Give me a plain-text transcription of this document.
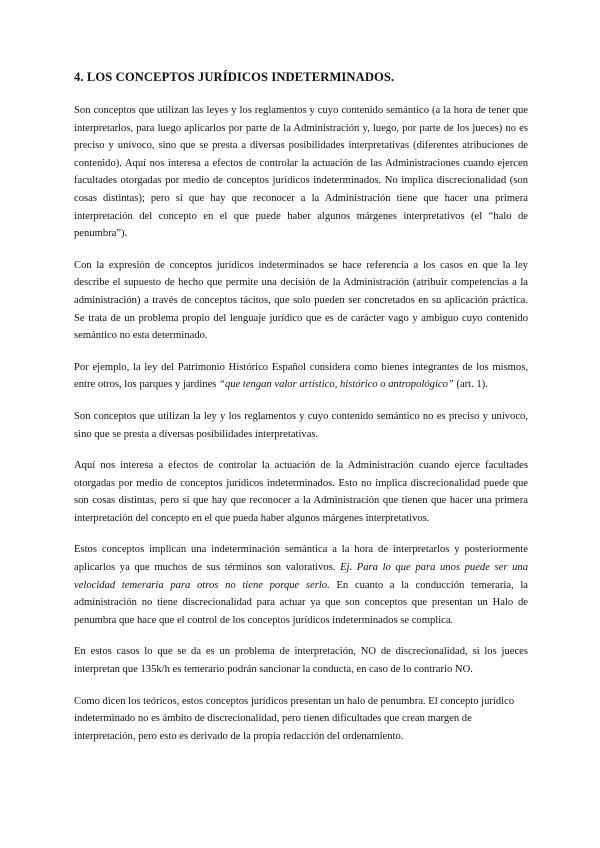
4. LOS CONCEPTOS JURÍDICOS INDETERMINADOS.

Son conceptos que utilizan las leyes y los reglamentos y cuyo contenido semántico (a la hora de tener que interpretarlos, para luego aplicarlos por parte de la Administración y, luego, por parte de los jueces) no es preciso y unívoco, sino que se presta a diversas posibilidades interpretativas (diferentes atribuciones de contenido). Aquí nos interesa a efectos de controlar la actuación de las Administraciones cuando ejercen facultades otorgadas por medio de conceptos jurídicos indeterminados. No implica discrecionalidad (son cosas distintas); pero sí que hay que reconocer a la Administración tiene que hacer una primera interpretación del concepto en el que puede haber algunos márgenes interpretativos (el “halo de penumbra”).

Con la expresión de conceptos jurídicos indeterminados se hace referencia a los casos en que la ley describe el supuesto de hecho que permite una decisión de la Administración (atribuir competencias a la administración) a través de conceptos tácitos, que solo pueden ser concretados en su aplicación práctica. Se trata de un problema propio del lenguaje jurídico que es de carácter vago y ambiguo cuyo contenido semántico no esta determinado.

Por ejemplo, la ley del Patrimonio Histórico Español considera como bienes integrantes de los mismos, entre otros, los parques y jardines “que tengan valor artístico, histórico o antropológico” (art. 1).

Son conceptos que utilizan la ley y los reglamentos y cuyo contenido semántico no es preciso y unívoco, sino que se presta a diversas posibilidades interpretativas.

Aquí nos interesa a efectos de controlar la actuación de la Administración cuando ejerce facultades otorgadas por medio de conceptos jurídicos indeterminados. Esto no implica discrecionalidad puede que son cosas distintas, pero sí que hay que reconocer a la Administración que tienen que hacer una primera interpretación del concepto en el que pueda haber algunos márgenes interpretativos.

Estos conceptos implican una indeterminación semántica a la hora de interpretarlos y posteriormente aplicarlos ya que muchos de sus términos son valorativos. Ej. Para lo que para unos puede ser una velocidad temeraria para otros no tiene porque serlo. En cuanto a la conducción temeraria, la administración no tiene discrecionalidad para actuar ya que son conceptos que presentan un Halo de penumbra que hace que el control de los conceptos jurídicos indeterminados se complica.

En estos casos lo que se da es un problema de interpretación, NO de discrecionalidad, si los jueces interpretan que 135k/h es temerario podrán sancionar la conducta, en caso de lo contrario NO.

Como dicen los teóricos, estos conceptos jurídicos presentan un halo de penumbra. El concepto jurídico indeterminado no es ámbito de discrecionalidad, pero tienen dificultades que crean margen de interpretación, pero esto es derivado de la propia redacción del ordenamiento.
